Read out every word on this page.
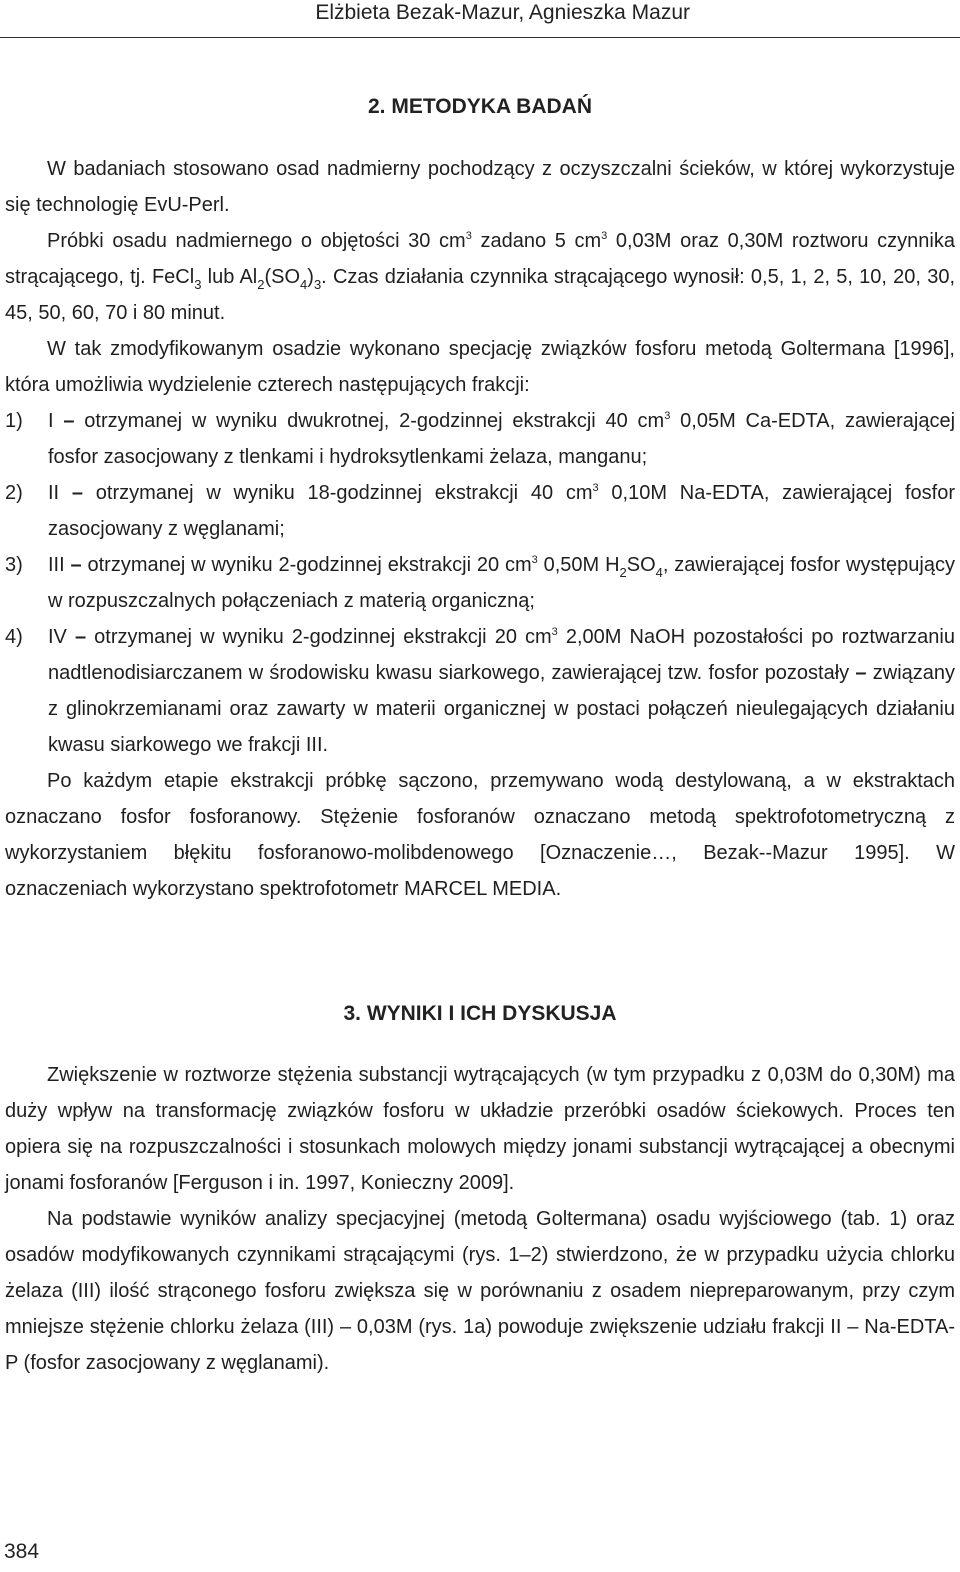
Elżbieta Bezak-Mazur, Agnieszka Mazur
2. METODYKA BADAŃ

W badaniach stosowano osad nadmierny pochodzący z oczyszczalni ścieków, w której wykorzystuje się technologię EvU-Perl.

Próbki osadu nadmiernego o objętości 30 $cm^3$ zadano 5 $cm^3$ 0,03M oraz 0,30M roztworu czynnika strącającego, tj. FeCl$_3$ lub $Al_2(SO_4)_3$. Czas działania czynnika strącającego wynosił: 0,5, 1, 2, 5, 10, 20, 30, 45, 50, 60, 70 i 80 minut.

W tak zmodyfikowanym osadzie wykonano specjację związków fosforu metodą Goltermana [1996], która umożliwia wydzielenie czterech następujących frakcji:

1) I – otrzymanej w wyniku dwukrotnej, 2-godzinnej ekstrakcji 40 $cm^3$ 0,05M Ca-EDTA, zawierającej fosfor zasocjowany z tlenkami i hydroksytlenkami żelaza, manganu;

2) II – otrzymanej w wyniku 18-godzinnej ekstrakcji 40 $cm^3$ 0,10M Na-EDTA, zawierającej fosfor zasocjowany z węglanami;

3) III – otrzymanej w wyniku 2-godzinnej ekstrakcji 20 $cm^3$ 0,50M $H_2SO_4$, zawierającej fosfor występujący w rozpuszczalnych połączeniach z materią organiczną;

4) IV – otrzymanej w wyniku 2-godzinnej ekstrakcji 20 $cm^3$ 2,00M NaOH pozostałości po roztwarzaniu nadtlenodisiarczanem w środowisku kwasu siarkowego, zawierającej tzw. fosfor pozostały – związany z glinokrzemianami oraz zawarty w materii organicznej w postaci połączeń nieulegających działaniu kwasu siarkowego we frakcji III.

Po każdym etapie ekstrakcji próbkę sączono, przemywano wodą destylowaną, a w ekstraktach oznaczano fosfor fosforanowy. Stężenie fosforanów oznaczano metodą spektrofotometryczną z wykorzystaniem błękitu fosforanowo-molibdenowego [Oznaczenie…, Bezak--Mazur 1995]. W oznaczeniach wykorzystano spektrofotometr MARCEL MEDIA.

3. WYNIKI I ICH DYSKUSJA

Zwiększenie w roztworze stężenia substancji wytrącających (w tym przypadku z 0,03M do 0,30M) ma duży wpływ na transformację związków fosforu w układzie przeróbki osadów ściekowych. Proces ten opiera się na rozpuszczalności i stosunkach molowych między jonami substancji wytrącającej a obecnymi jonami fosforanów [Ferguson i in. 1997, Konieczny 2009].

Na podstawie wyników analizy specjacyjnej (metodą Goltermana) osadu wyjściowego (tab. 1) oraz osadów modyfikowanych czynnikami strącającymi (rys. 1–2) stwierdzono, że w przypadku użycia chlorku żelaza (III) ilość strąconego fosforu zwiększa się w porównaniu z osadem niepreparowanym, przy czym mniejsze stężenie chlorku żelaza (III) – 0,03M (rys. 1a) powoduje zwiększenie udziału frakcji II – Na-EDTA-P (fosfor zasocjowany z węglanami).

384
